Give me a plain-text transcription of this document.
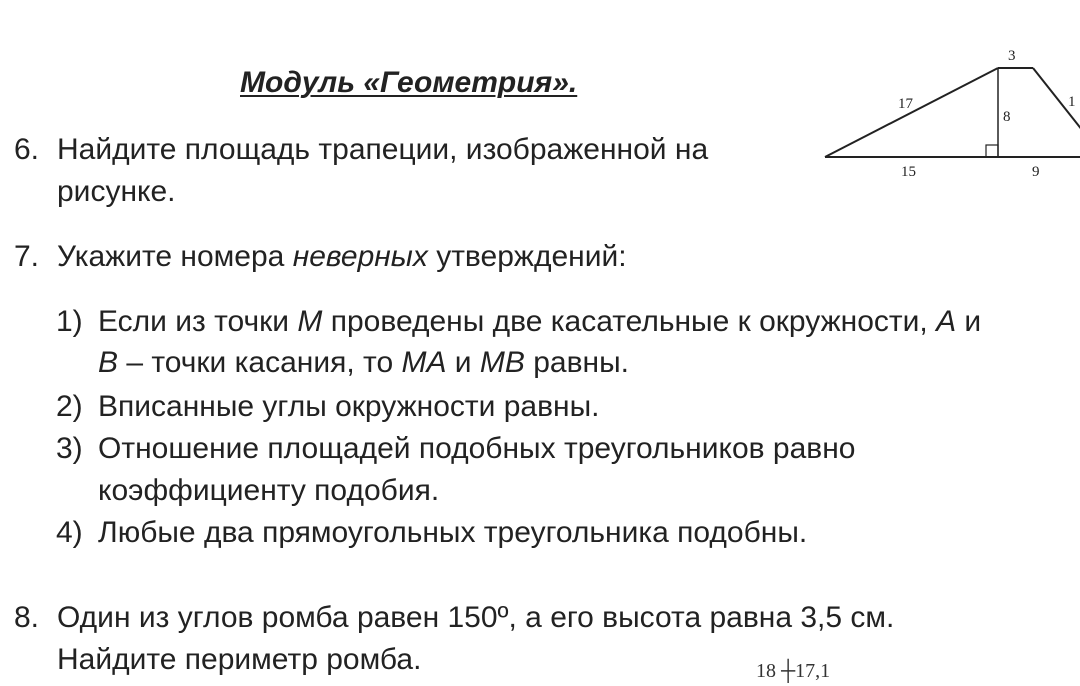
Модуль «Геометрия».
6. Найдите площадь трапеции, изображенной на
рисунке.
3
17	1
8
15	9
7. Укажите номера неверных утверждений:
1) Если из точки M проведены две касательные к окружности, A и
B – точки касания, то MA и MB равны.
2) Вписанные углы окружности равны.
3) Отношение площадей подобных треугольников равно
коэффициенту подобия.
4) Любые два прямоугольных треугольника подобны.
8. Один из углов ромба равен 150º, а его высота равна 3,5 см.
Найдите периметр ромба.	18 ┼17,1
